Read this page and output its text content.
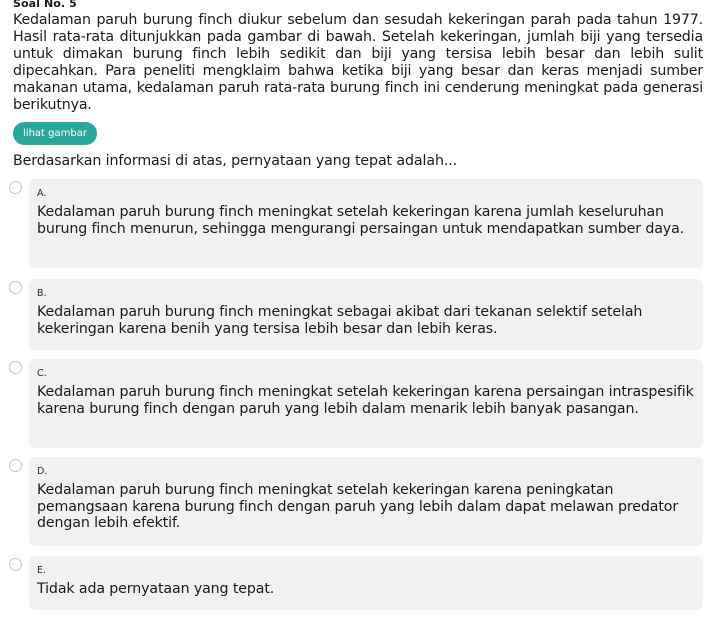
Soal No. 5
Kedalaman paruh burung finch diukur sebelum dan sesudah kekeringan parah pada tahun 1977. Hasil rata-rata ditunjukkan pada gambar di bawah. Setelah kekeringan, jumlah biji yang tersedia untuk dimakan burung finch lebih sedikit dan biji yang tersisa lebih besar dan lebih sulit dipecahkan. Para peneliti mengklaim bahwa ketika biji yang besar dan keras menjadi sumber makanan utama, kedalaman paruh rata-rata burung finch ini cenderung meningkat pada generasi berikutnya.
lihat gambar
Berdasarkan informasi di atas, pernyataan yang tepat adalah...
A.
Kedalaman paruh burung finch meningkat setelah kekeringan karena jumlah keseluruhan burung finch menurun, sehingga mengurangi persaingan untuk mendapatkan sumber daya.
B.
Kedalaman paruh burung finch meningkat sebagai akibat dari tekanan selektif setelah kekeringan karena benih yang tersisa lebih besar dan lebih keras.
C.
Kedalaman paruh burung finch meningkat setelah kekeringan karena persaingan intraspesifik karena burung finch dengan paruh yang lebih dalam menarik lebih banyak pasangan.
D.
Kedalaman paruh burung finch meningkat setelah kekeringan karena peningkatan pemangsaan karena burung finch dengan paruh yang lebih dalam dapat melawan predator dengan lebih efektif.
E.
Tidak ada pernyataan yang tepat.
